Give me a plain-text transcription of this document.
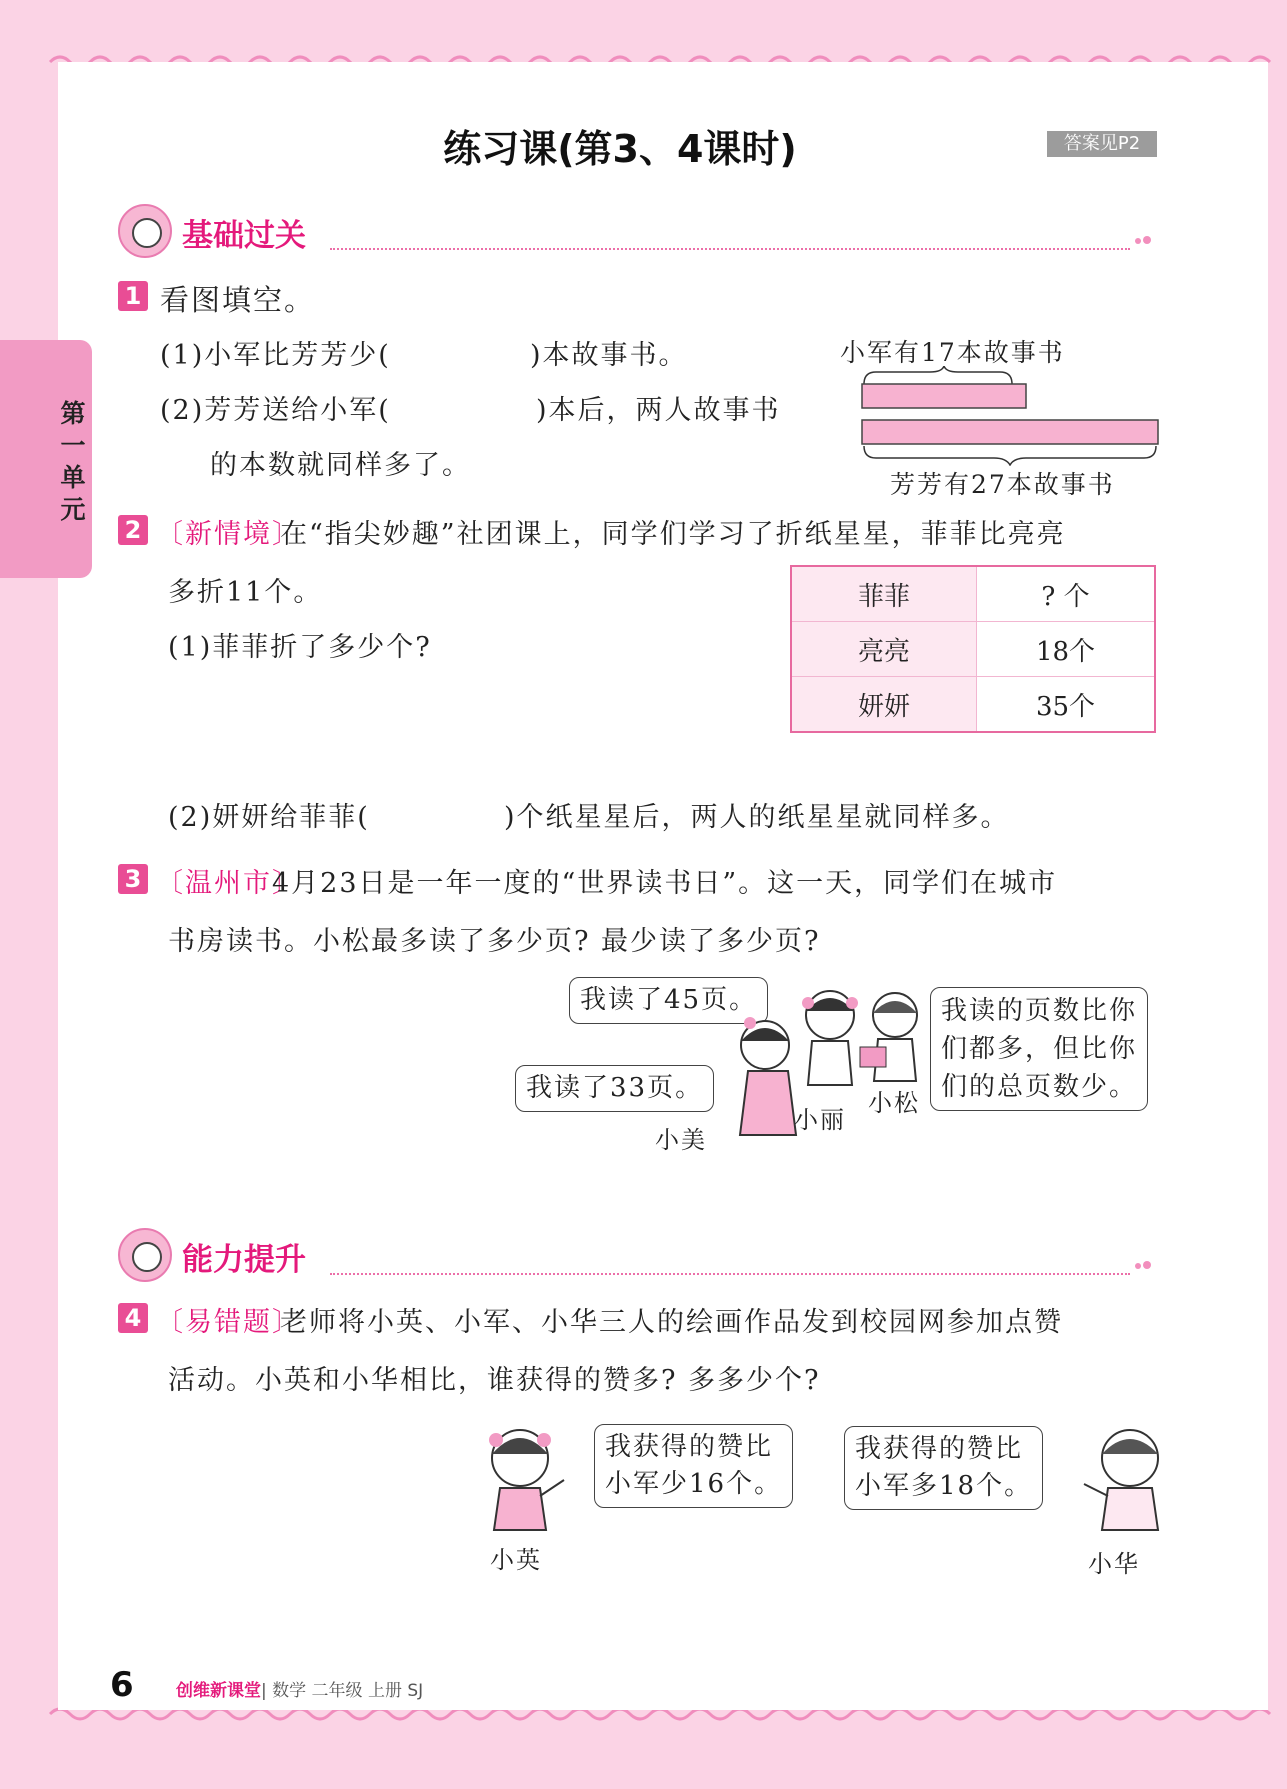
第一单元
练习课(第3、4课时)	答案见P2
基础过关
1 看图填空。
(1)小军比芳芳少(	)本故事书。
(2)芳芳送给小军(	)本后，两人故事书
的本数就同样多了。
小军有17本故事书
芳芳有27本故事书
2 〔新情境〕
在“指尖妙趣”社团课上，同学们学习了折纸星星，菲菲比亮亮
多折11个。
(1)菲菲折了多少个?
菲菲	? 个
亮亮	18个
妍妍	35个
(2)妍妍给菲菲(	)个纸星星后，两人的纸星星就同样多。
3 〔温州市〕
4月23日是一年一度的“世界读书日”。这一天，同学们在城市
书房读书。小松最多读了多少页? 最少读了多少页?
我读了45页。
我读了33页。
我读的页数比你
们都多，但比你
们的总页数少。
小美
小丽
小松
能力提升
4 〔易错题〕
老师将小英、小军、小华三人的绘画作品发到校园网参加点赞
活动。小英和小华相比，谁获得的赞多? 多多少个?
我获得的赞比
小军少16个。
我获得的赞比
小军多18个。
小英	小华
6 创维新课堂| 数学 二年级 上册 SJ
